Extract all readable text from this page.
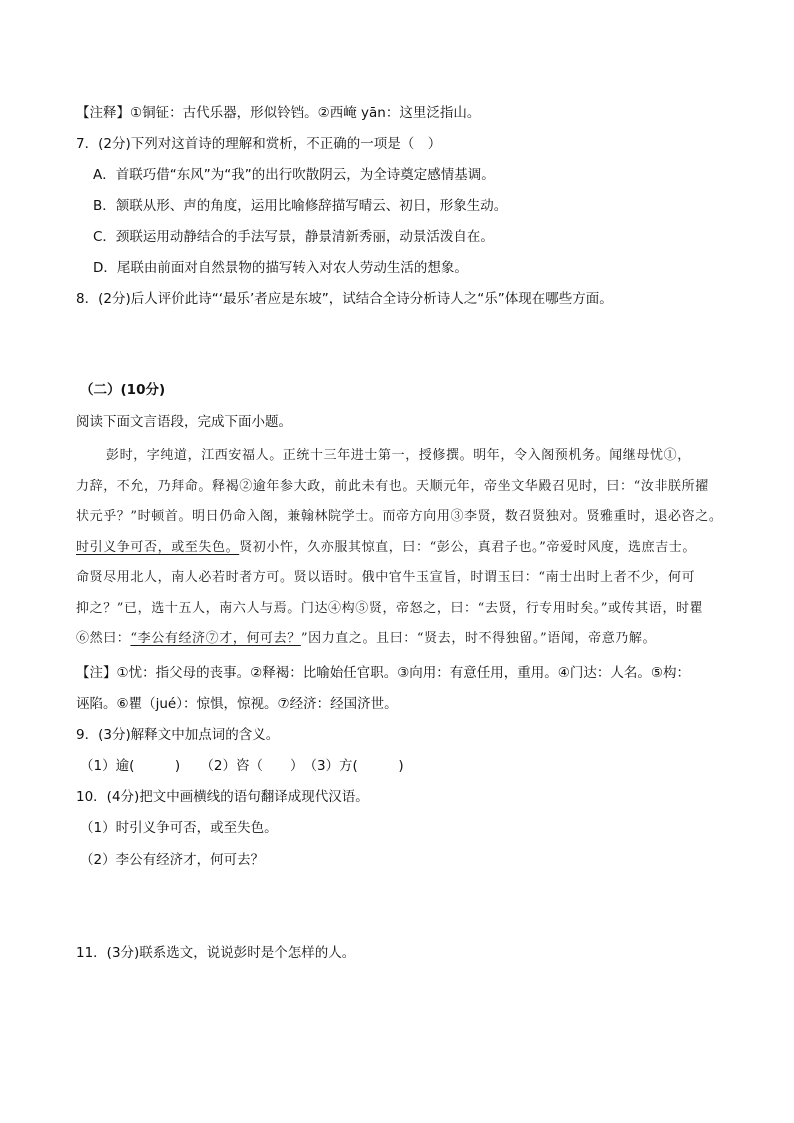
【注释】①铜钲：古代乐器，形似铃铛。②西崦 yān：这里泛指山。
7．(2分)下列对这首诗的理解和赏析，不正确的一项是（　）
A．首联巧借“东风”为“我”的出行吹散阴云，为全诗奠定感情基调。
B．颔联从形、声的角度，运用比喻修辞描写晴云、初日，形象生动。
C．颈联运用动静结合的手法写景，静景清新秀丽，动景活泼自在。
D．尾联由前面对自然景物的描写转入对农人劳动生活的想象。
8．(2分)后人评价此诗“‘最乐’者应是东坡”，试结合全诗分析诗人之“乐”体现在哪些方面。
（二）(10分)
阅读下面文言语段，完成下面小题。
彭时，字纯道，江西安福人。正统十三年进士第一，授修撰。明年，令入阁预机务。闻继母忧①，
力辞，不允，乃拜命。释褐②逾年参大政，前此未有也。天顺元年，帝坐文华殿召见时，曰：“汝非朕所擢
状元乎？”时顿首。明日仍命入阁，兼翰林院学士。而帝方向用③李贤，数召贤独对。贤雅重时，退必咨之。
时引义争可否，或至失色。贤初小忤，久亦服其惊直，曰：“彭公，真君子也。”帝爱时风度，选庶吉士。
命贤尽用北人，南人必若时者方可。贤以语时。俄中官牛玉宣旨，时谓玉曰：“南士出时上者不少，何可
抑之？”已，选十五人，南六人与焉。门达④构⑤贤，帝怒之，曰：“去贤，行专用时矣。”或传其语，时瞿
⑥然曰：“李公有经济⑦才，何可去？”因力直之。且曰：“贤去，时不得独留。”语闻，帝意乃解。
【注】①忧：指父母的丧事。②释褐：比喻始任官职。③向用：有意任用，重用。④门达：人名。⑤构：
诬陷。⑥瞿（jué）：惊惧，惊视。⑦经济：经国济世。
9．(3分)解释文中加点词的含义。
（1）逾(　　　)　　（2）咨（　　）　（3）方(　　　)
10．(4分)把文中画横线的语句翻译成现代汉语。
（1）时引义争可否，或至失色。
（2）李公有经济才，何可去？
11．(3分)联系选文，说说彭时是个怎样的人。
